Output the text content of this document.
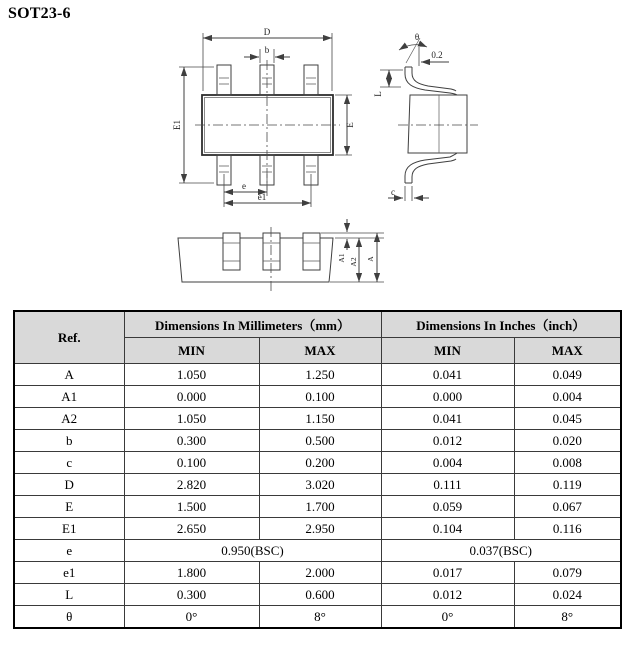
SOT23-6
D
b
E1	E
e
e1
θ
0.2
L
c
A1 A2 A
Ref.	Dimensions In Millimeters（mm）		Dimensions In Inches（inch）	
	MIN	MAX	MIN	MAX
A	1.050	1.250	0.041	0.049
A1	0.000	0.100	0.000	0.004
A2	1.050	1.150	0.041	0.045
b	0.300	0.500	0.012	0.020
c	0.100	0.200	0.004	0.008
D	2.820	3.020	0.111	0.119
E	1.500	1.700	0.059	0.067
E1	2.650	2.950	0.104	0.116
e	0.950(BSC)		0.037(BSC)	
e1	1.800	2.000	0.017	0.079
L	0.300	0.600	0.012	0.024
θ	0°	8°	0°	8°
